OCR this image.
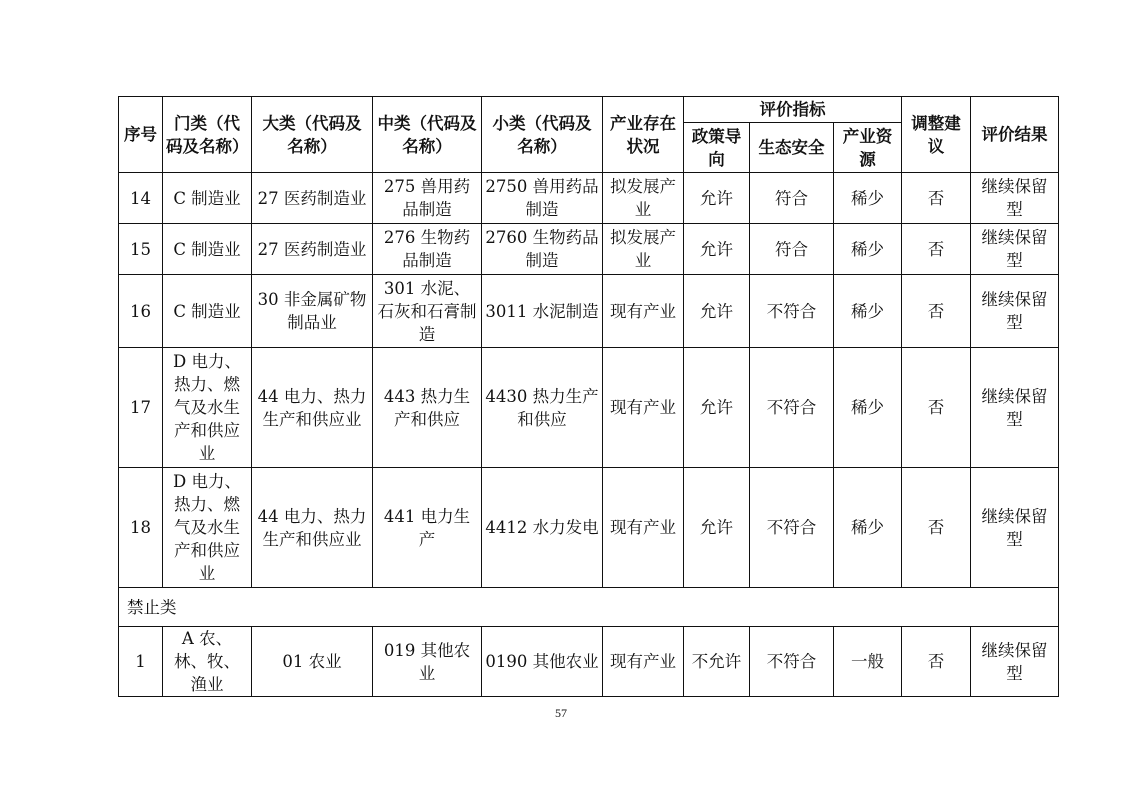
序号	门类（代码及名称）	大类（代码及名称）	中类（代码及名称）	小类（代码及名称）	产业存在状况	评价指标			调整建议	评价结果
						政策导向	生态安全	产业资源		
14	C 制造业	27 医药制造业	275 兽用药品制造	2750 兽用药品制造	拟发展产业	允许	符合	稀少	否	继续保留型
15	C 制造业	27 医药制造业	276 生物药品制造	2760 生物药品制造	拟发展产业	允许	符合	稀少	否	继续保留型
16	C 制造业	30 非金属矿物制品业	301 水泥、石灰和石膏制造	3011 水泥制造	现有产业	允许	不符合	稀少	否	继续保留型
17	D 电力、热力、燃气及水生产和供应业	44 电力、热力生产和供应业	443 热力生产和供应	4430 热力生产和供应	现有产业	允许	不符合	稀少	否	继续保留型
18	D 电力、热力、燃气及水生产和供应业	44 电力、热力生产和供应业	441 电力生产	4412 水力发电	现有产业	允许	不符合	稀少	否	继续保留型
禁止类										
1	A 农、林、牧、渔业	01 农业	019 其他农业	0190 其他农业	现有产业	不允许	不符合	一般	否	继续保留型
57
